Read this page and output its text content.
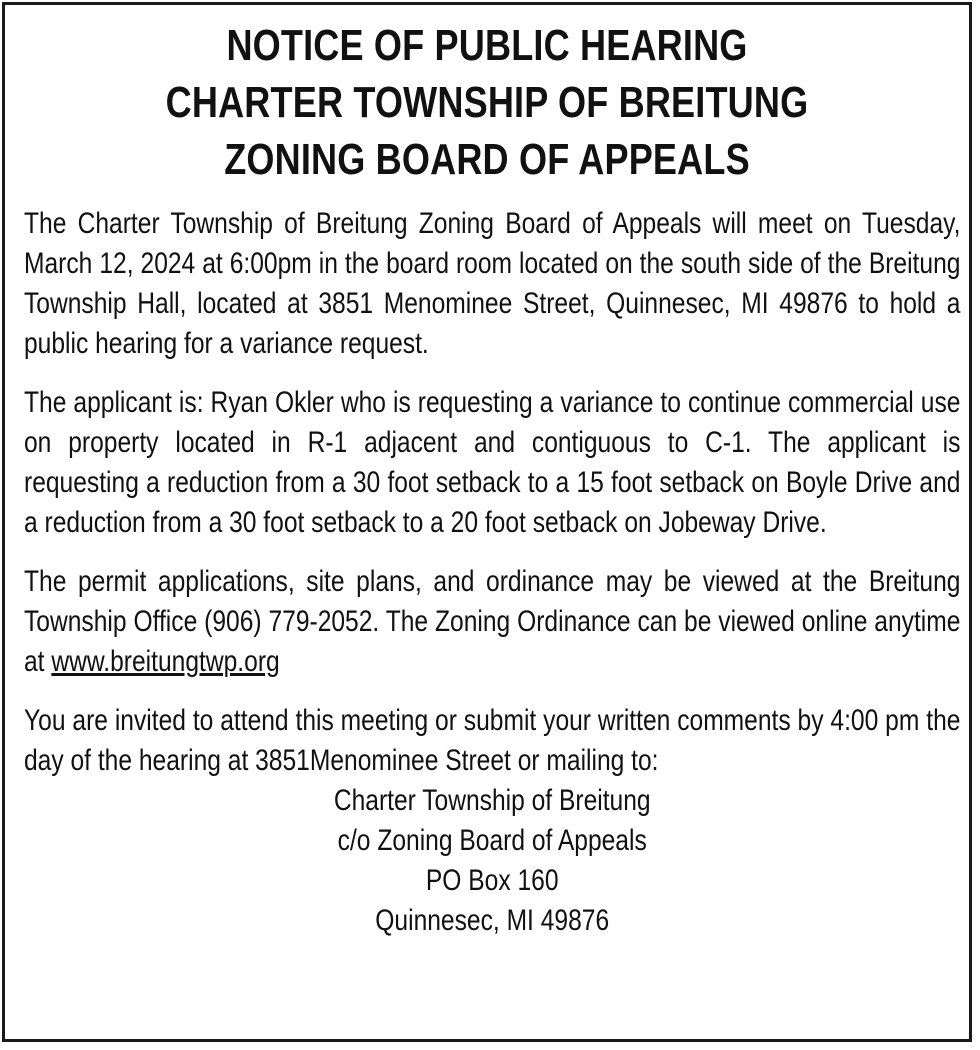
NOTICE OF PUBLIC HEARING
CHARTER TOWNSHIP OF BREITUNG
ZONING BOARD OF APPEALS

The Charter Township of Breitung Zoning Board of Appeals will meet on Tuesday, March 12, 2024 at 6:00pm in the board room located on the south side of the Breitung Township Hall, located at 3851 Menominee Street, Quinnesec, MI 49876 to hold a public hearing for a variance request.

The applicant is: Ryan Okler who is requesting a variance to continue commercial use on property located in R-1 adjacent and contiguous to C-1. The applicant is requesting a reduction from a 30 foot setback to a 15 foot setback on Boyle Drive and a reduction from a 30 foot setback to a 20 foot setback on Jobeway Drive.

The permit applications, site plans, and ordinance may be viewed at the Breitung Township Office (906) 779-2052. The Zoning Ordinance can be viewed online anytime at www.breitungtwp.org

You are invited to attend this meeting or submit your written comments by 4:00 pm the day of the hearing at 3851Menominee Street or mailing to:

Charter Township of Breitung
c/o Zoning Board of Appeals
PO Box 160
Quinnesec, MI 49876
